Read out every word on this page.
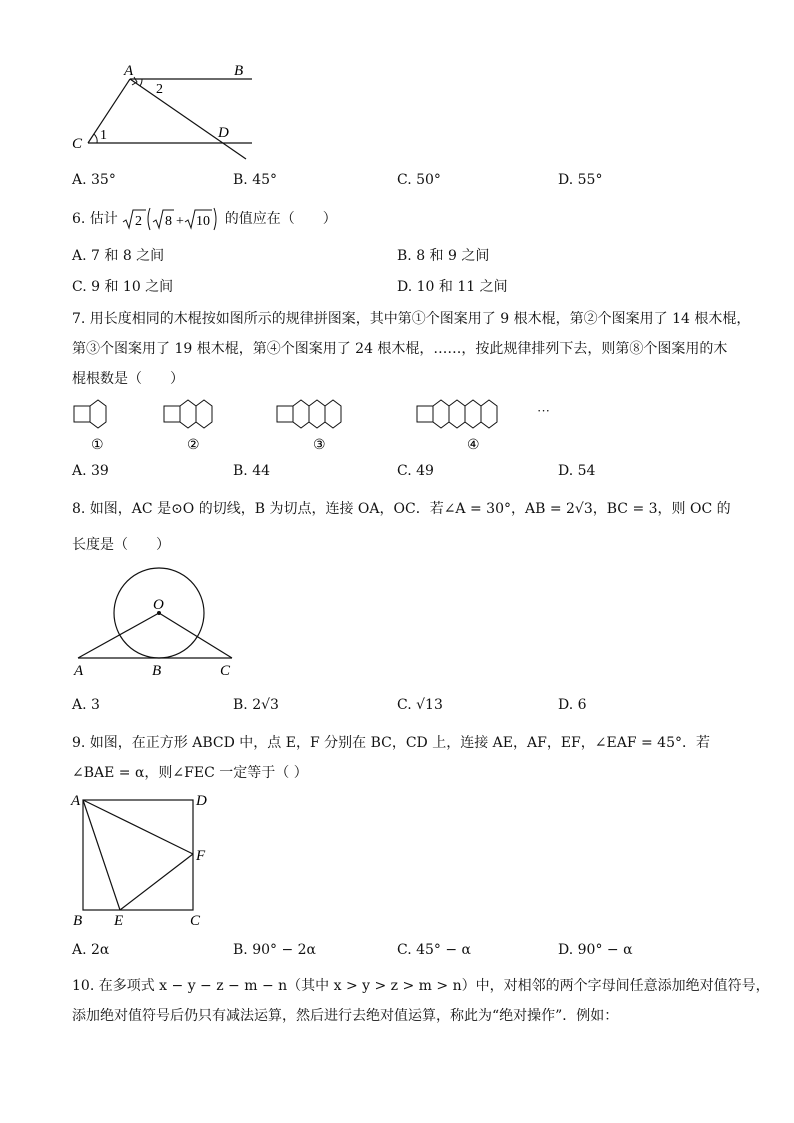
A	B
C
D
1
2
A. 35°	B. 45°	C. 50°	D. 55°
6. 估计 2 8 + 10 的值应在（　　）
A. 7 和 8 之间	B. 8 和 9 之间
C. 9 和 10 之间	D. 10 和 11 之间
7. 用长度相同的木棍按如图所示的规律拼图案，其中第①个图案用了 9 根木棍，第②个图案用了 14 根木棍，
第③个图案用了 19 根木棍，第④个图案用了 24 根木棍，……，按此规律排列下去，则第⑧个图案用的木
棍根数是（　　）
···
①	②	③	④
A. 39	B. 44	C. 49	D. 54
8. 如图，AC 是⊙O 的切线，B 为切点，连接 OA，OC．若∠A = 30°，AB = 2√3，BC = 3，则 OC 的
长度是（　　）
O
A	B	C
A. 3	B. 2√3	C. √13	D. 6
9. 如图，在正方形 ABCD 中，点 E，F 分别在 BC，CD 上，连接 AE，AF，EF，∠EAF = 45°．若
∠BAE = α，则∠FEC 一定等于（ ）
A	D
F
B E	C
A. 2α	B. 90° − 2α	C. 45° − α	D. 90° − α
10. 在多项式 x − y − z − m − n（其中 x > y > z > m > n）中，对相邻的两个字母间任意添加绝对值符号，
添加绝对值符号后仍只有减法运算，然后进行去绝对值运算，称此为“绝对操作”．例如：
